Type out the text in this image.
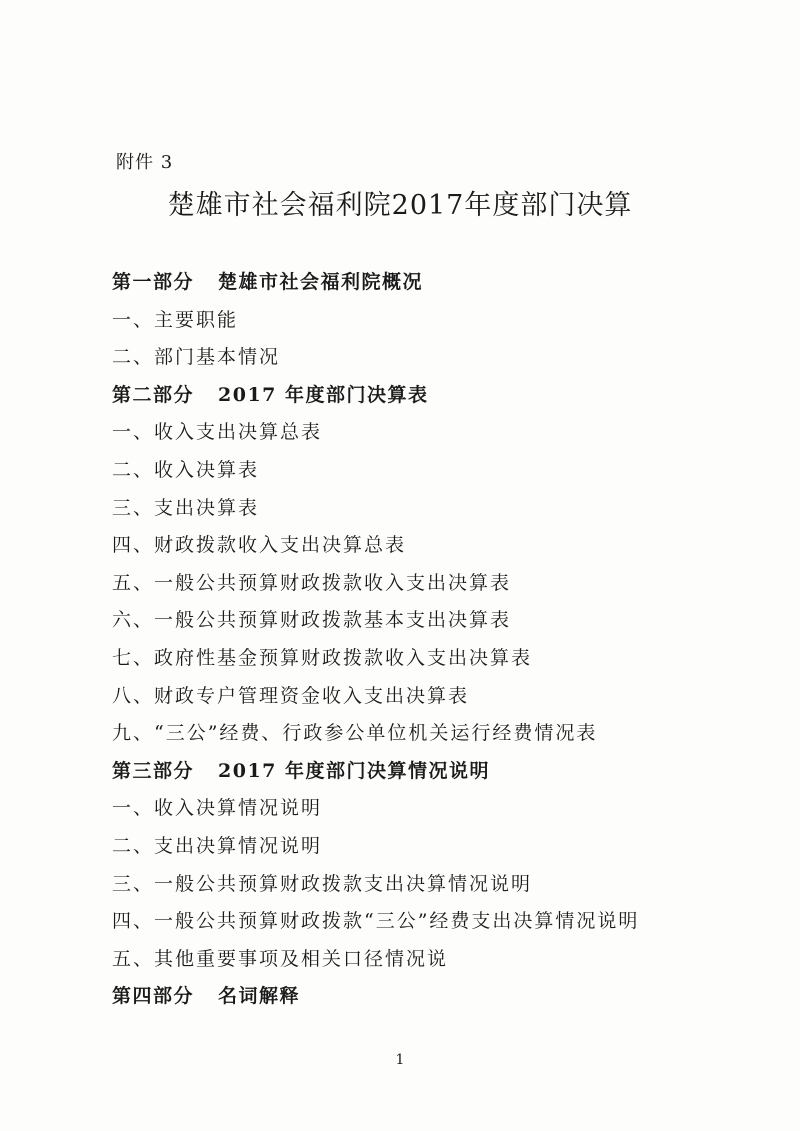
附件 3
楚雄市社会福利院2017年度部门决算
第一部分 楚雄市社会福利院概况
一、主要职能
二、部门基本情况
第二部分 2017 年度部门决算表
一、收入支出决算总表
二、收入决算表
三、支出决算表
四、财政拨款收入支出决算总表
五、一般公共预算财政拨款收入支出决算表
六、一般公共预算财政拨款基本支出决算表
七、政府性基金预算财政拨款收入支出决算表
八、财政专户管理资金收入支出决算表
九、“三公”经费、行政参公单位机关运行经费情况表
第三部分 2017 年度部门决算情况说明
一、收入决算情况说明
二、支出决算情况说明
三、一般公共预算财政拨款支出决算情况说明
四、一般公共预算财政拨款“三公”经费支出决算情况说明
五、其他重要事项及相关口径情况说
第四部分 名词解释
1
